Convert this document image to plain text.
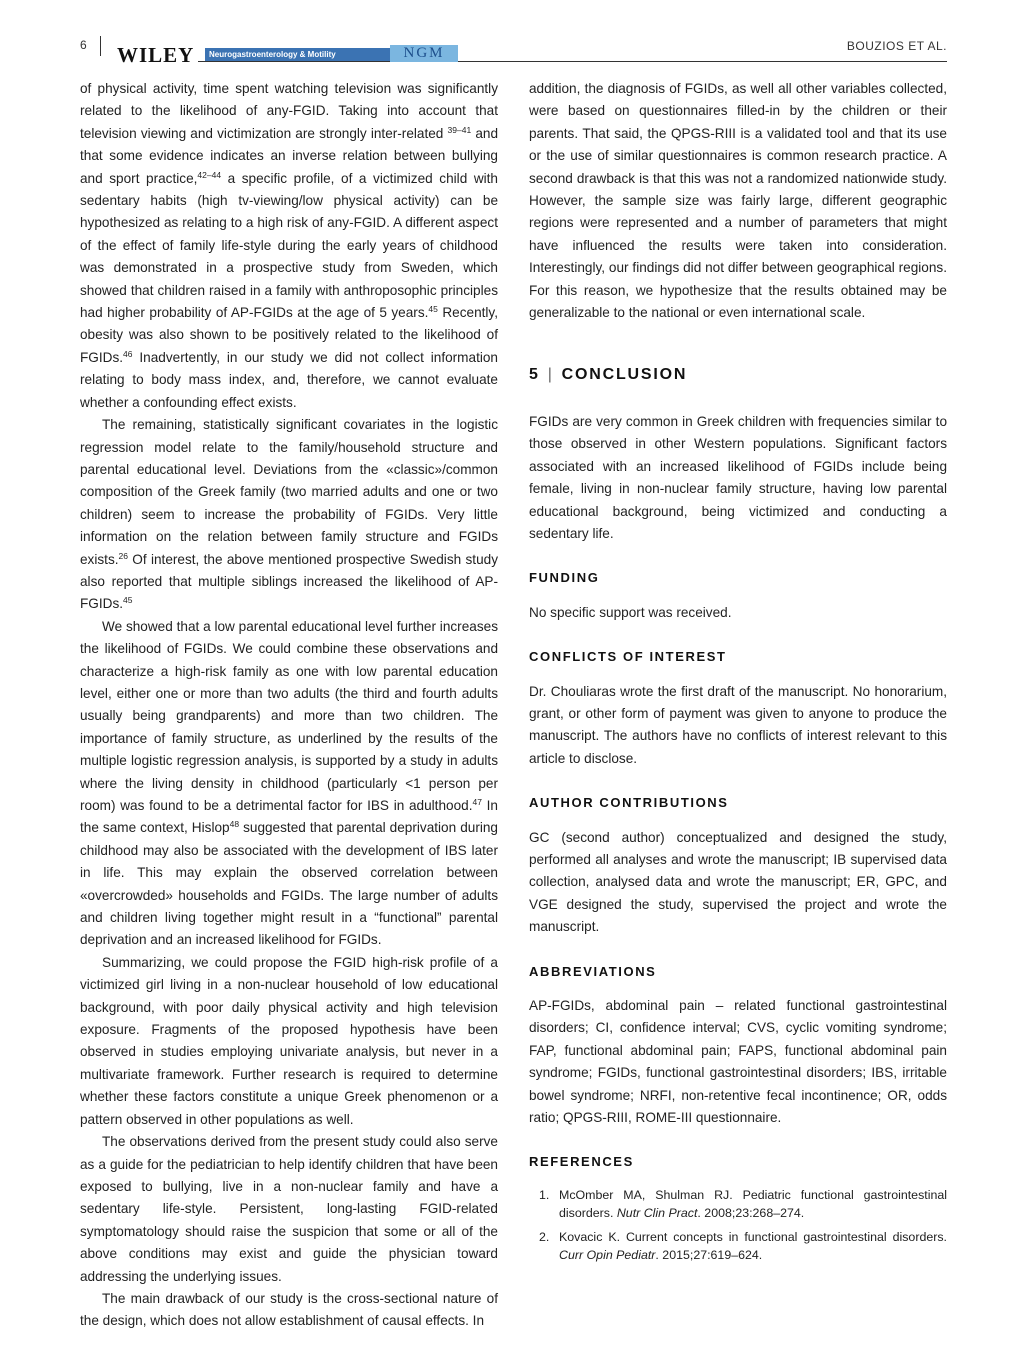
6 WILEY	Neurogastroenterology & Motility	NGM	BOUZIOS ET AL.

of physical activity, time spent watching television was significantly related to the likelihood of any-FGID. Taking into account that television viewing and victimization are strongly inter-related $^{39-41}$ and that some evidence indicates an inverse relation between bullying and sport practice,$^{42-44}$ a specific profile, of a victimized child with sedentary habits (high tv-viewing/low physical activity) can be hypothesized as relating to a high risk of any-FGID. A different aspect of the effect of family life-style during the early years of childhood was demonstrated in a prospective study from Sweden, which showed that children raised in a family with anthroposophic principles had higher probability of AP-FGIDs at the age of 5 years.$^{45}$ Recently, obesity was also shown to be positively related to the likelihood of FGIDs.$^{46}$ Inadvertently, in our study we did not collect information relating to body mass index, and, therefore, we cannot evaluate whether a confounding effect exists.

The remaining, statistically significant covariates in the logistic regression model relate to the family/household structure and parental educational level. Deviations from the «classic»/common composition of the Greek family (two married adults and one or two children) seem to increase the probability of FGIDs. Very little information on the relation between family structure and FGIDs exists.$^{26}$ Of interest, the above mentioned prospective Swedish study also reported that multiple siblings increased the likelihood of AP-FGIDs.$^{45}$

We showed that a low parental educational level further increases the likelihood of FGIDs. We could combine these observations and characterize a high-risk family as one with low parental education level, either one or more than two adults (the third and fourth adults usually being grandparents) and more than two children. The importance of family structure, as underlined by the results of the multiple logistic regression analysis, is supported by a study in adults where the living density in childhood (particularly <1 person per room) was found to be a detrimental factor for IBS in adulthood.$^{47}$ In the same context, Hislop$^{48}$ suggested that parental deprivation during childhood may also be associated with the development of IBS later in life. This may explain the observed correlation between «overcrowded» households and FGIDs. The large number of adults and children living together might result in a “functional” parental deprivation and an increased likelihood for FGIDs.

Summarizing, we could propose the FGID high-risk profile of a victimized girl living in a non-nuclear household of low educational background, with poor daily physical activity and high television exposure. Fragments of the proposed hypothesis have been observed in studies employing univariate analysis, but never in a multivariate framework. Further research is required to determine whether these factors constitute a unique Greek phenomenon or a pattern observed in other populations as well.

The observations derived from the present study could also serve as a guide for the pediatrician to help identify children that have been exposed to bullying, live in a non-nuclear family and have a sedentary life-style. Persistent, long-lasting FGID-related symptomatology should raise the suspicion that some or all of the above conditions may exist and guide the physician toward addressing the underlying issues.

The main drawback of our study is the cross-sectional nature of the design, which does not allow establishment of causal effects. In

addition, the diagnosis of FGIDs, as well all other variables collected, were based on questionnaires filled-in by the children or their parents. That said, the QPGS-RIII is a validated tool and that its use or the use of similar questionnaires is common research practice. A second drawback is that this was not a randomized nationwide study. However, the sample size was fairly large, different geographic regions were represented and a number of parameters that might have influenced the results were taken into consideration. Interestingly, our findings did not differ between geographical regions. For this reason, we hypothesize that the results obtained may be generalizable to the national or even international scale.

5 | CONCLUSION

FGIDs are very common in Greek children with frequencies similar to those observed in other Western populations. Significant factors associated with an increased likelihood of FGIDs include being female, living in non-nuclear family structure, having low parental educational background, being victimized and conducting a sedentary life.

FUNDING

No specific support was received.

CONFLICTS OF INTEREST

Dr. Chouliaras wrote the first draft of the manuscript. No honorarium, grant, or other form of payment was given to anyone to produce the manuscript. The authors have no conflicts of interest relevant to this article to disclose.

AUTHOR CONTRIBUTIONS

GC (second author) conceptualized and designed the study, performed all analyses and wrote the manuscript; IB supervised data collection, analysed data and wrote the manuscript; ER, GPC, and VGE designed the study, supervised the project and wrote the manuscript.

ABBREVIATIONS

AP-FGIDs, abdominal pain – related functional gastrointestinal disorders; CI, confidence interval; CVS, cyclic vomiting syndrome; FAP, functional abdominal pain; FAPS, functional abdominal pain syndrome; FGIDs, functional gastrointestinal disorders; IBS, irritable bowel syndrome; NRFI, non-retentive fecal incontinence; OR, odds ratio; QPGS-RIII, ROME-III questionnaire.

REFERENCES
1. McOmber MA, Shulman RJ. Pediatric functional gastrointestinal disorders. Nutr Clin Pract. 2008;23:268–274.
2. Kovacic K. Current concepts in functional gastrointestinal disorders. Curr Opin Pediatr. 2015;27:619–624.
